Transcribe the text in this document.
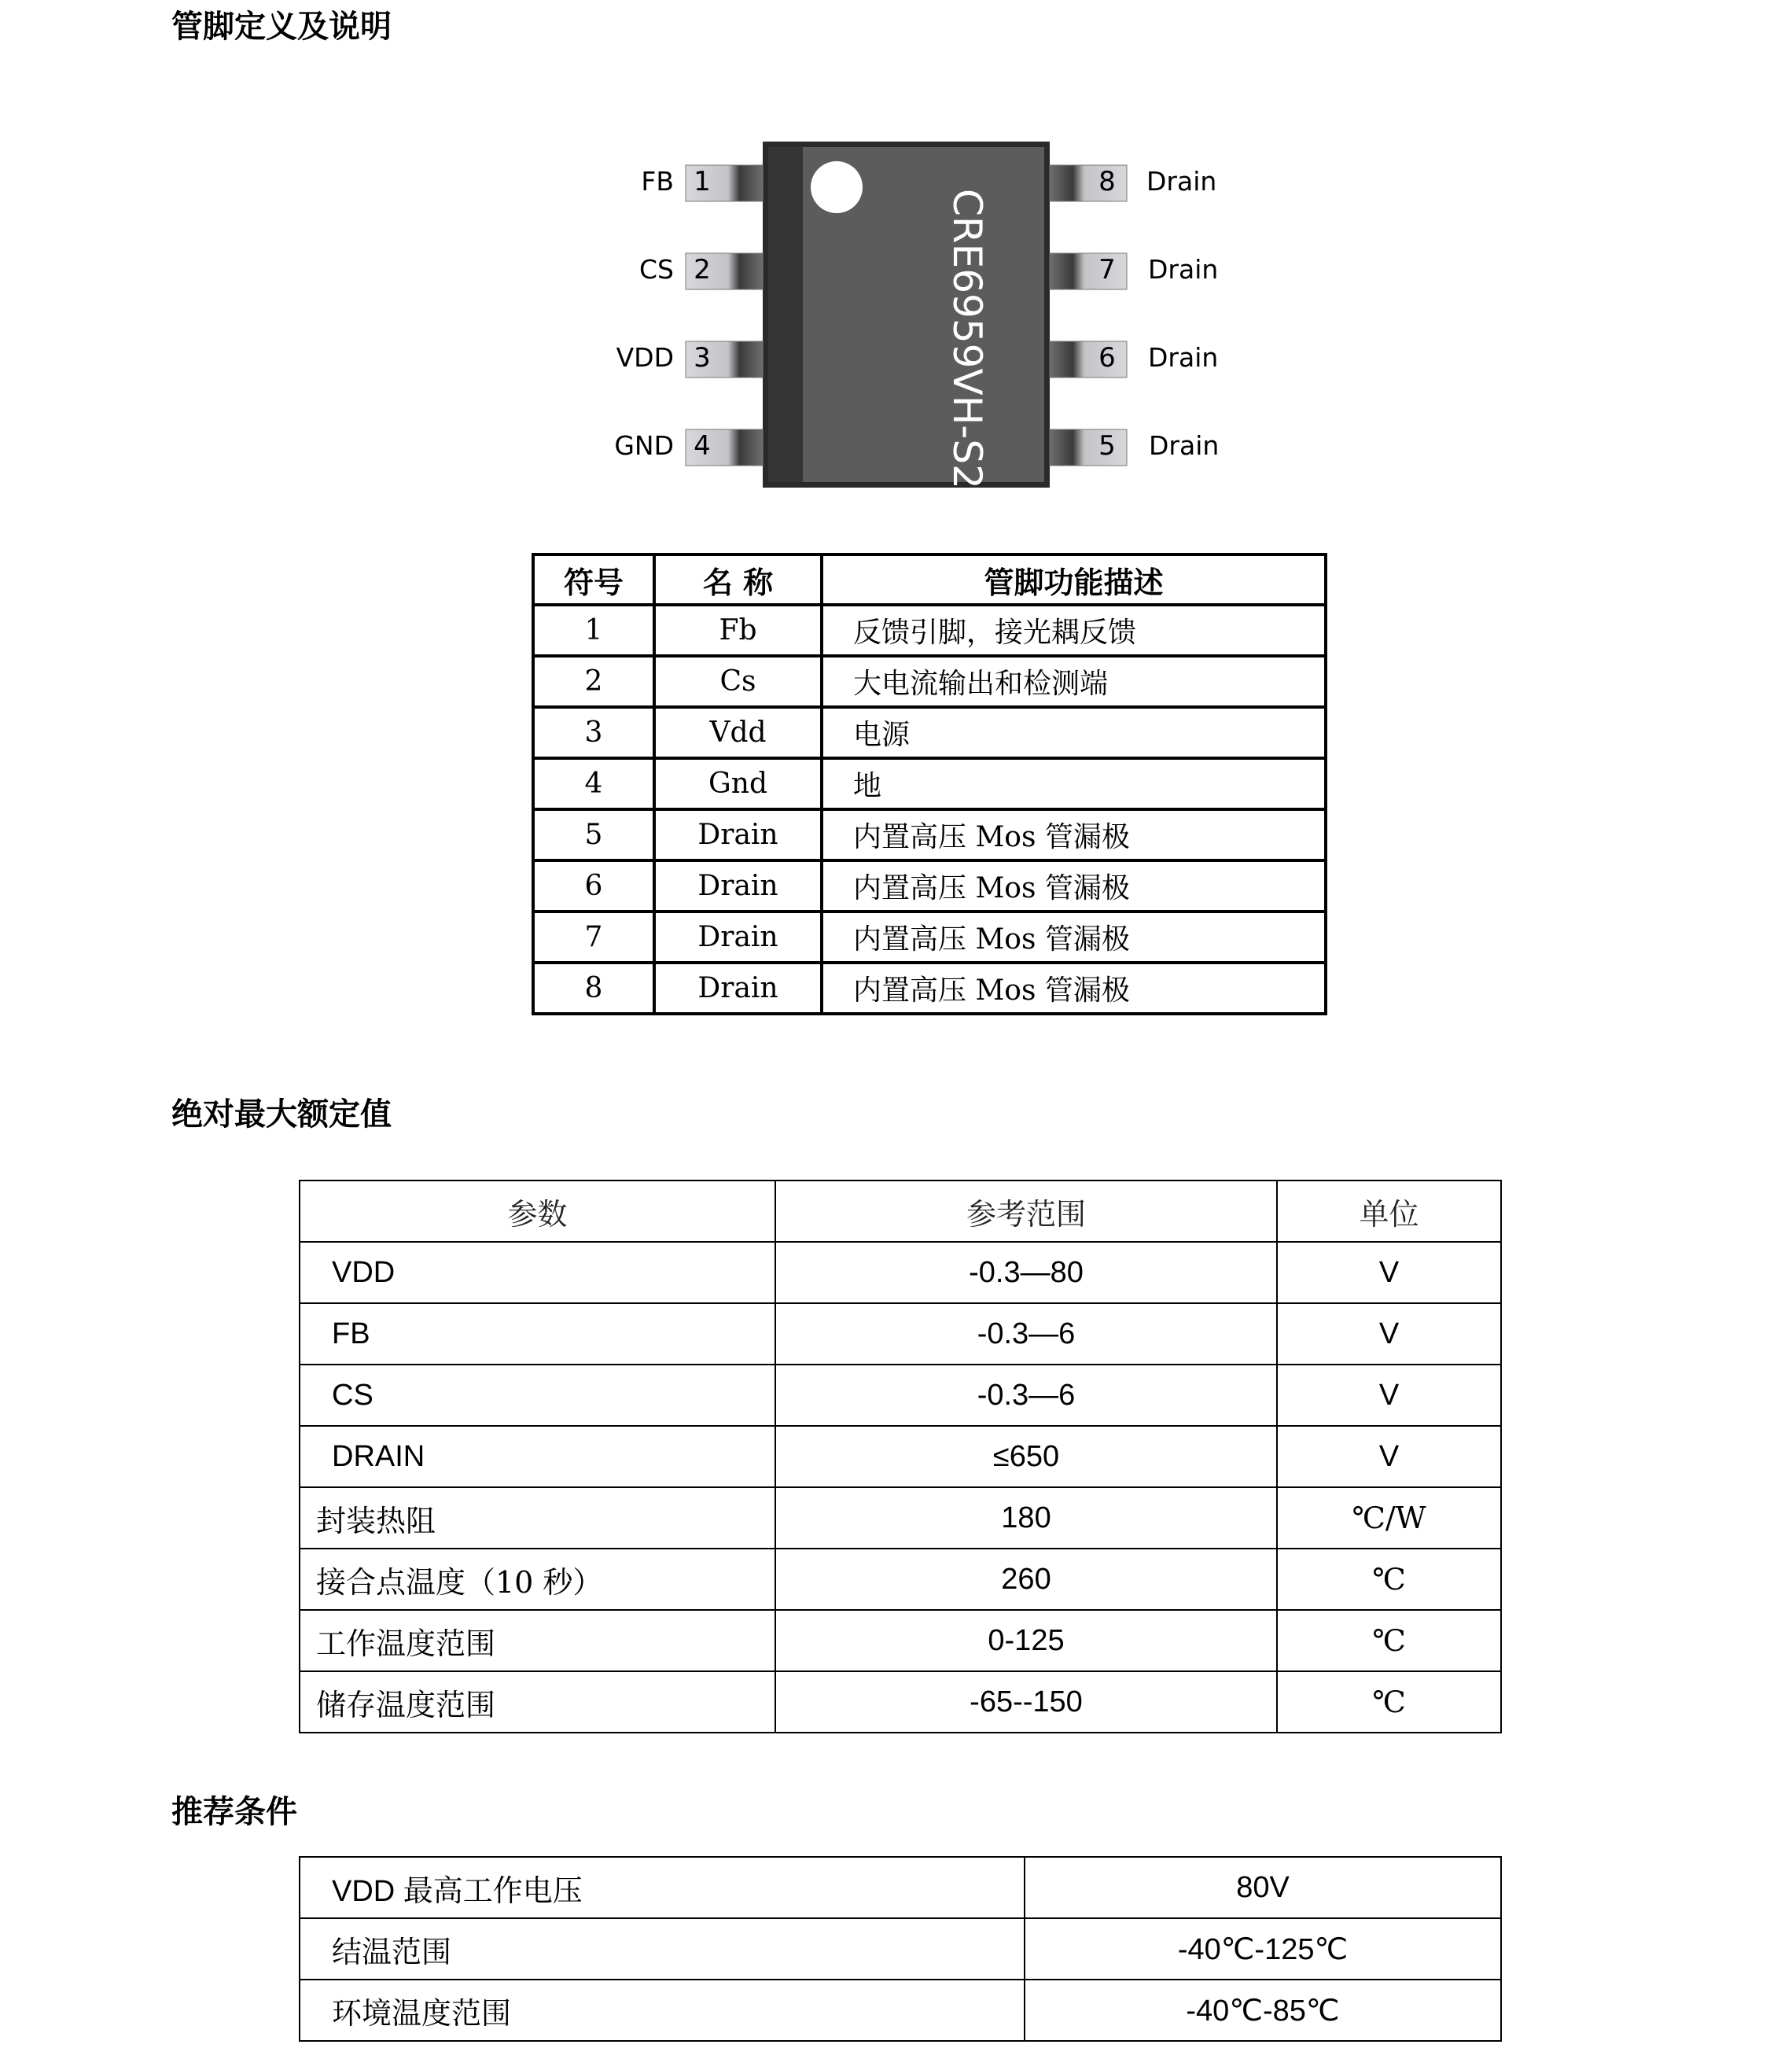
管脚定义及说明
CRE6959VH-S2
FB 1
CS 2
VDD 3
GND 4
8	Drain
7	Drain
6	Drain
5	Drain
符号	名 称	管脚功能描述
1	Fb	反馈引脚，接光耦反馈
2	Cs	大电流输出和检测端
3	Vdd	电源
4	Gnd	地
5	Drain	内置高压 Mos 管漏极
6	Drain	内置高压 Mos 管漏极
7	Drain	内置高压 Mos 管漏极
8	Drain	内置高压 Mos 管漏极
绝对最大额定值
参数	参考范围	单位
VDD	-0.3—80	V
FB	-0.3—6	V
CS	-0.3—6	V
DRAIN	≤650	V
封装热阻	180	℃/W
接合点温度（10 秒）	260	℃
工作温度范围	0-125	℃
储存温度范围	-65--150	℃
推荐条件
VDD 最高工作电压	80V
结温范围	-40℃-125℃
环境温度范围	-40℃-85℃
